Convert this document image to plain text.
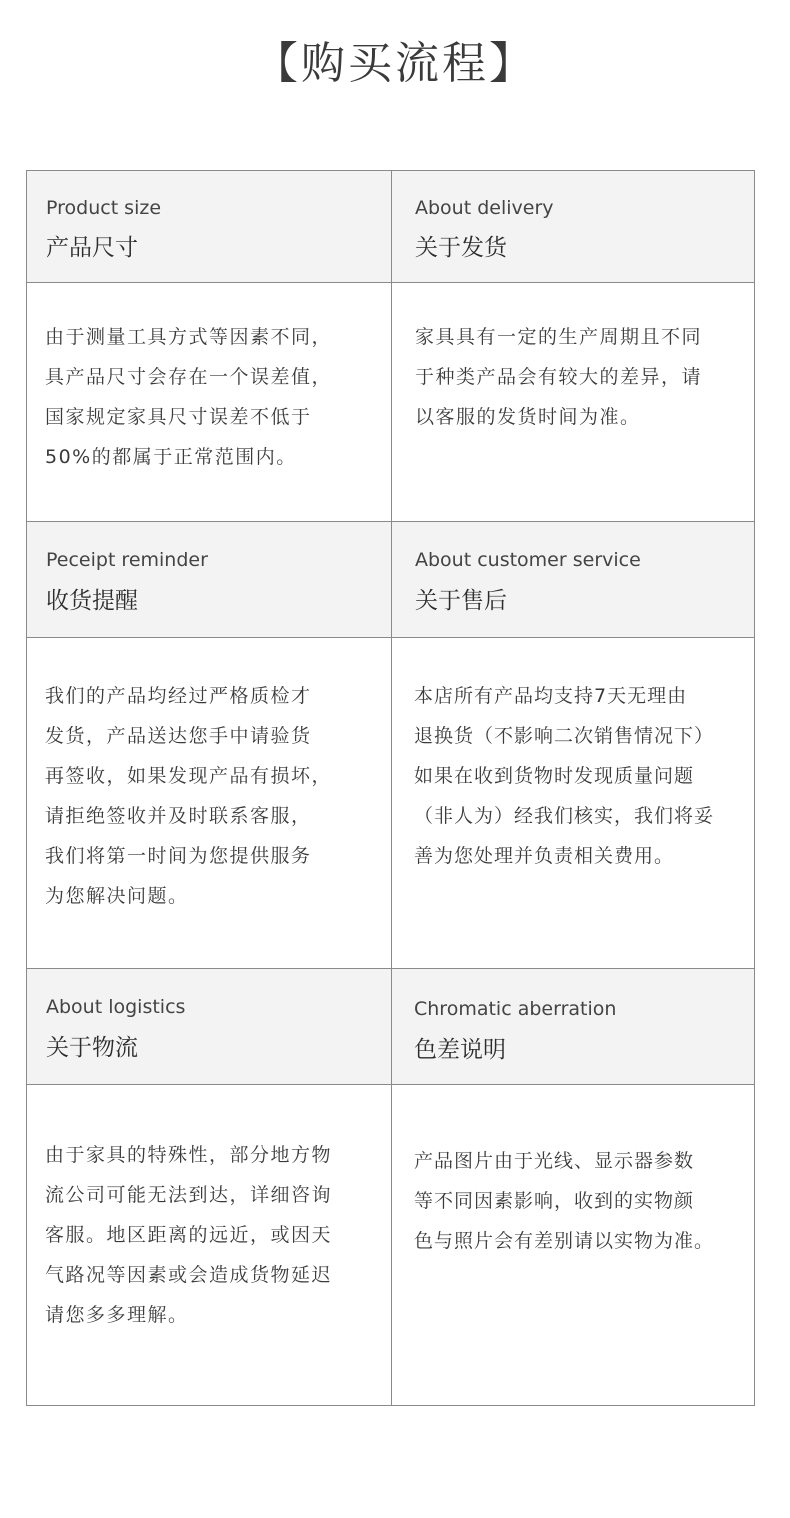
【购买流程】
Product size
产品尺寸
About delivery
关于发货
由于测量工具方式等因素不同，
具产品尺寸会存在一个误差值，
国家规定家具尺寸误差不低于
50%的都属于正常范围内。
家具具有一定的生产周期且不同
于种类产品会有较大的差异，请
以客服的发货时间为准。
Peceipt reminder
收货提醒
About customer service
关于售后
我们的产品均经过严格质检才
发货，产品送达您手中请验货
再签收，如果发现产品有损坏，
请拒绝签收并及时联系客服，
我们将第一时间为您提供服务
为您解决问题。
本店所有产品均支持7天无理由
退换货（不影响二次销售情况下）
如果在收到货物时发现质量问题
（非人为）经我们核实，我们将妥
善为您处理并负责相关费用。
About logistics
关于物流
Chromatic aberration
色差说明
由于家具的特殊性，部分地方物
流公司可能无法到达，详细咨询
客服。地区距离的远近，或因天
气路况等因素或会造成货物延迟
请您多多理解。
产品图片由于光线、显示器参数
等不同因素影响，收到的实物颜
色与照片会有差别请以实物为准。
